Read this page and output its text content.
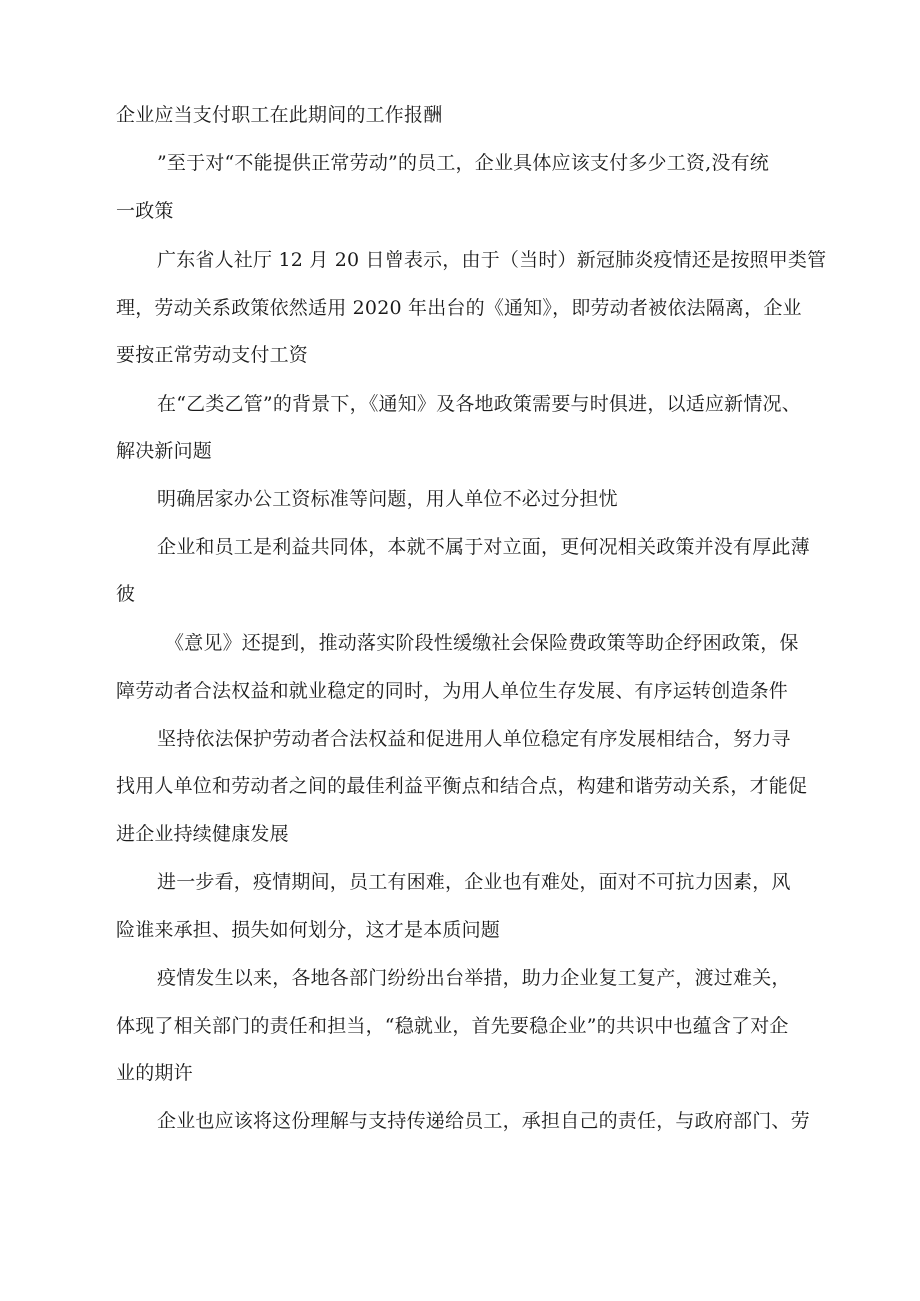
企业应当支付职工在此期间的工作报酬
”至于对“不能提供正常劳动”的员工，企业具体应该支付多少工资,没有统
一政策
广东省人社厅 12 月 20 日曾表示，由于（当时）新冠肺炎疫情还是按照甲类管
理，劳动关系政策依然适用 2020 年出台的《通知》，即劳动者被依法隔离，企业
要按正常劳动支付工资
在“乙类乙管”的背景下，《通知》及各地政策需要与时俱进，以适应新情况、
解决新问题
明确居家办公工资标准等问题，用人单位不必过分担忧
企业和员工是利益共同体，本就不属于对立面，更何况相关政策并没有厚此薄
彼
《意见》还提到，推动落实阶段性缓缴社会保险费政策等助企纾困政策，保
障劳动者合法权益和就业稳定的同时，为用人单位生存发展、有序运转创造条件
坚持依法保护劳动者合法权益和促进用人单位稳定有序发展相结合，努力寻
找用人单位和劳动者之间的最佳利益平衡点和结合点，构建和谐劳动关系，才能促
进企业持续健康发展
进一步看，疫情期间，员工有困难，企业也有难处，面对不可抗力因素，风
险谁来承担、损失如何划分，这才是本质问题
疫情发生以来，各地各部门纷纷出台举措，助力企业复工复产，渡过难关，
体现了相关部门的责任和担当，“稳就业，首先要稳企业”的共识中也蕴含了对企
业的期许
企业也应该将这份理解与支持传递给员工，承担自己的责任，与政府部门、劳
